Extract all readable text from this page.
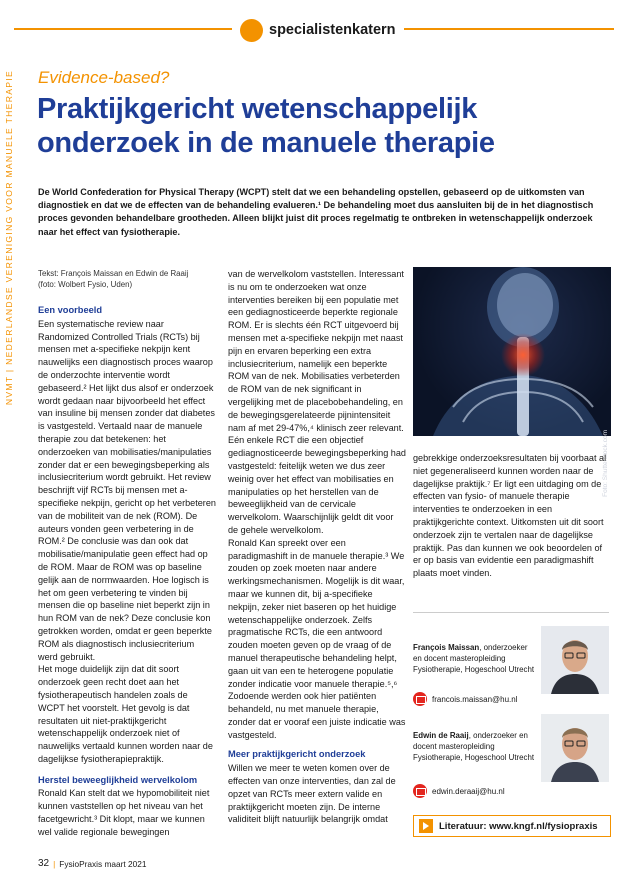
specialistenkatern
NVMT | NEDERLANDSE VERENIGING VOOR MANUELE THERAPIE Evidence-based?
Praktijkgericht wetenschappelijk onderzoek in de manuele therapie

De World Confederation for Physical Therapy (WCPT) stelt dat we een behandeling opstellen, gebaseerd op de uitkomsten van diagnostiek en dat we de effecten van de behandeling evalueren.¹ De behandeling moet dus aansluiten bij de in het diagnostisch proces gevonden behandelbare grootheden. Alleen blijkt juist dit proces regelmatig te ontbreken in wetenschappelijk onderzoek naar het effect van fysiotherapie.

Tekst: François Maissan en Edwin de Raaij
(foto: Wolbert Fysio, Uden)
Een voorbeeld

Een systematische review naar Randomized Controlled Trials (RCTs) bij mensen met a-specifieke nekpijn kent nauwelijks een diagnostisch proces waarop de onderzochte interventie wordt gebaseerd.² Het lijkt dus alsof er onderzoek wordt gedaan naar bijvoorbeeld het effect van insuline bij mensen zonder dat diabetes is vastgesteld. Vertaald naar de manuele therapie zou dat betekenen: het onderzoeken van mobilisaties/manipulaties zonder dat er een bewegingsbeperking als inclusiecriterium wordt gebruikt. Het review beschrijft vijf RCTs bij mensen met a-specifieke nekpijn, gericht op het verbeteren van de mobiliteit van de nek (ROM). De auteurs vonden geen verbetering in de ROM.² De conclusie was dan ook dat mobilisatie/manipulatie geen effect had op de ROM. Maar de ROM was op baseline gelijk aan de normwaarden. Hoe logisch is het om geen verbetering te vinden bij mensen die op baseline niet beperkt zijn in hun ROM van de nek? Deze conclusie kon getrokken worden, omdat er geen beperkte ROM als diagnostisch inclusiecriterium werd gebruikt.

Het moge duidelijk zijn dat dit soort onderzoek geen recht doet aan het fysiotherapeutisch handelen zoals de WCPT het voorstelt. Het gevolg is dat resultaten uit niet-praktijkgericht wetenschappelijk onderzoek niet of nauwelijks vertaald kunnen worden naar de dagelijkse fysiotherapiepraktijk.

Herstel beweeglijkheid wervelkolom

Ronald Kan stelt dat we hypomobiliteit niet kunnen vaststellen op het niveau van het facetgewricht.³ Dit klopt, maar we kunnen wel valide regionale bewegingen

van de wervelkolom vaststellen. Interessant is nu om te onderzoeken wat onze interventies bereiken bij een populatie met een gediagnosticeerde beperkte regionale ROM. Er is slechts één RCT uitgevoerd bij mensen met a-specifieke nekpijn met naast pijn en ervaren beperking een extra inclusiecriterium, namelijk een beperkte ROM van de nek. Mobilisaties verbeterden de ROM van de nek significant in vergelijking met de placebobehandeling, en de bewegingsgerelateerde pijnintensiteit nam af met 29-47%,⁴ klinisch zeer relevant.

Eén enkele RCT die een objectief gediagnosticeerde bewegingsbeperking had vastgesteld: feitelijk weten we dus zeer weinig over het effect van mobilisaties en manipulaties op het herstellen van de beweeglijkheid van de cervicale wervelkolom. Waarschijnlijk geldt dit voor de gehele wervelkolom.

Ronald Kan spreekt over een paradigmashift in de manuele therapie.³ We zouden op zoek moeten naar andere werkingsmechanismen. Mogelijk is dit waar, maar we kunnen dit, bij a-specifieke nekpijn, zeker niet baseren op het huidige wetenschappelijke onderzoek. Zelfs pragmatische RCTs, die een antwoord zouden moeten geven op de vraag of de manuel therapeutische behandeling helpt, gaan uit van een te heterogene populatie zonder indicatie voor manuele therapie.⁵,⁶ Zodoende werden ook hier patiënten behandeld, nu met manuele therapie, zonder dat er vooraf een juiste indicatie was vastgesteld.

Meer praktijkgericht onderzoek

Willen we meer te weten komen over de effecten van onze interventies, dan zal de opzet van RCTs meer extern valide en praktijkgericht moeten zijn. De interne validiteit blijft natuurlijk belangrijk omdat

Foto: Shutterstock.com

gebrekkige onderzoeksresultaten bij voorbaat al niet gegeneraliseerd kunnen worden naar de dagelijkse praktijk.⁷ Er ligt een uitdaging om de effecten van fysio- of manuele therapie interventies te onderzoeken in een praktijkgerichte context. Uitkomsten uit dit soort onderzoek zijn te vertalen naar de dagelijkse praktijk. Pas dan kunnen we ook beoordelen of er op basis van evidentie een paradigmashift plaats moet vinden.

François Maissan, onderzoeker en docent masteropleiding Fysiotherapie, Hogeschool Utrecht
francois.maissan@hu.nl
Edwin de Raaij, onderzoeker en docent masteropleiding Fysiotherapie, Hogeschool Utrecht
edwin.deraaij@hu.nl
Literatuur: www.kngf.nl/fysiopraxis
32 | FysioPraxis maart 2021
